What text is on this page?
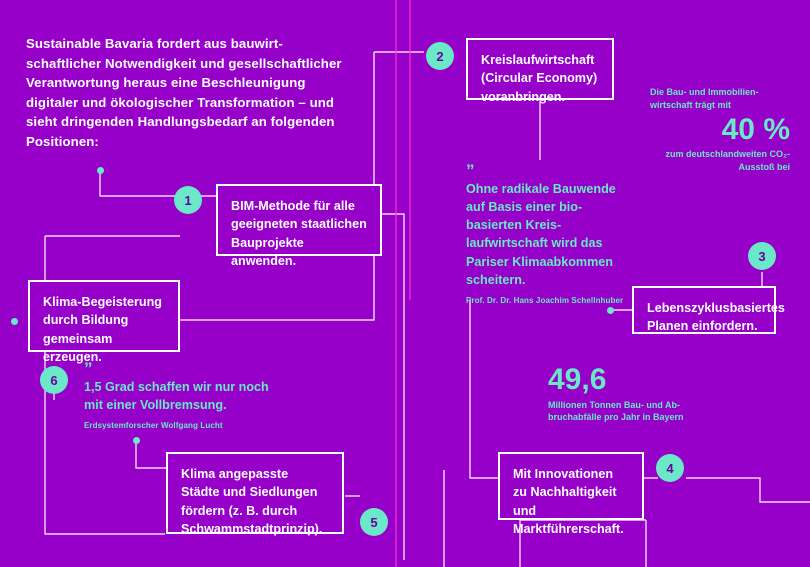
Sustainable Bavaria fordert aus bauwirtschaftlicher Notwendigkeit und gesellschaftlicher Verantwortung heraus eine Beschleunigung digitaler und ökologischer Transformation – und sieht dringenden Handlungsbedarf an folgenden Positionen:
BIM-Methode für alle geeigneten staatlichen Bauprojekte anwenden.
1
Kreislaufwirtschaft (Circular Economy) voranbringen.
2
Lebenszyklusbasiertes Planen einfordern.
3
Mit Innovationen zu Nachhaltigkeit und Marktführerschaft.
4
Klima angepasste Städte und Siedlungen fördern (z. B. durch Schwammstadtprinzip).	5
Klima-Begeisterung durch Bildung gemeinsam erzeugen.
6
”
Ohne radikale Bauwende auf Basis einer bio-basierten Kreislaufwirtschaft wird das Pariser Klimaabkommen scheitern.
Prof. Dr. Dr. Hans Joachim Schellnhuber
”
1,5 Grad schaffen wir nur noch mit einer Vollbremsung.
Erdsystemforscher Wolfgang Lucht
Die Bau- und Immobilienwirtschaft trägt mit
40 %
zum deutschlandweiten CO₂-Ausstoß bei
49,6
Millionen Tonnen Bau- und Abbruchabfälle pro Jahr in Bayern
